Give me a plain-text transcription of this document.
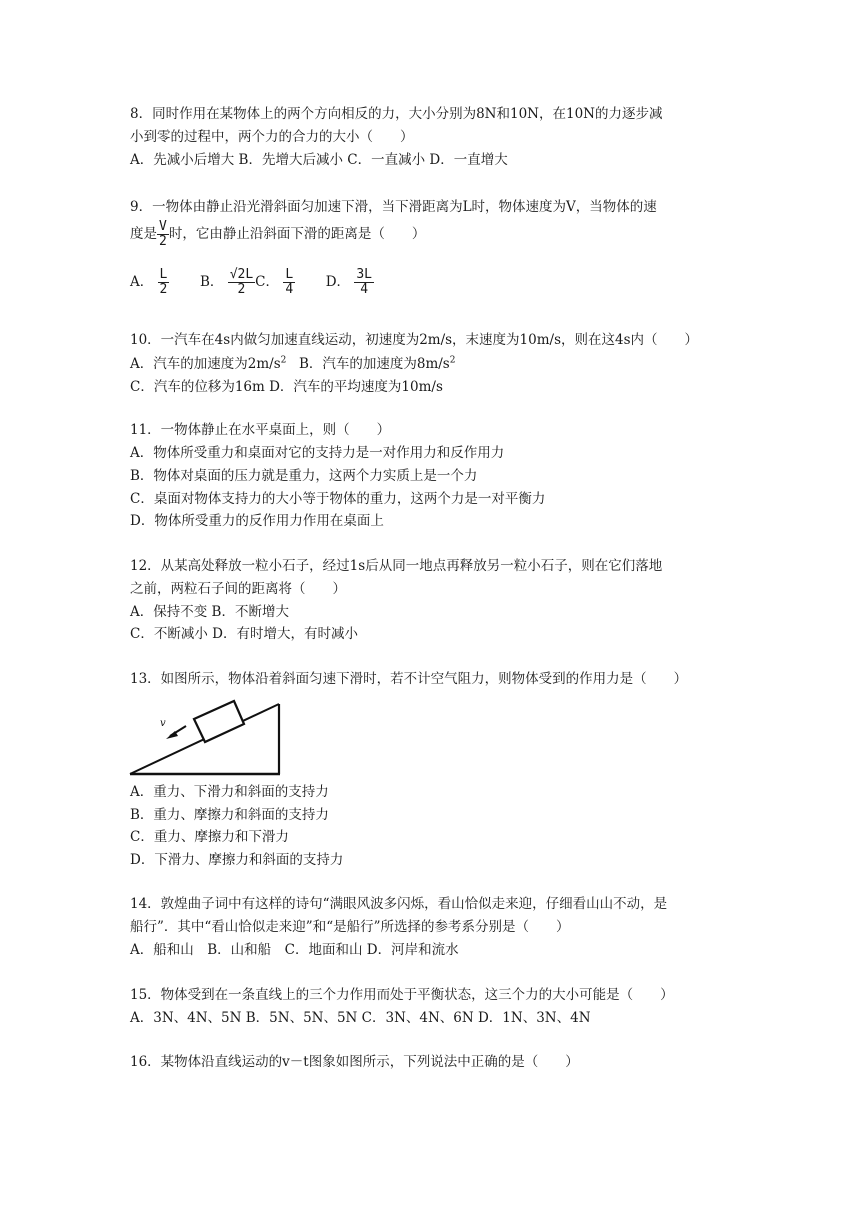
8．同时作用在某物体上的两个方向相反的力，大小分别为8N和10N，在10N的力逐步减
小到零的过程中，两个力的合力的大小（　　）
A．先减小后增大 B．先增大后减小 C．一直减小 D．一直增大
9．一物体由静止沿光滑斜面匀加速下滑，当下滑距离为L时，物体速度为V，当物体的速
度是 $\frac{V}{2}$ 时，它由静止沿斜面下滑的距离是（　　）
A． $\frac{L}{2}$ B． $\frac{√2L}{2}$ C． $\frac{L}{4}$ D． $\frac{3L}{4}$
10．一汽车在4s内做匀加速直线运动，初速度为2m/s，末速度为10m/s，则在这4s内（　　）
A．汽车的加速度为$2m/s^2$ B．汽车的加速度为$8m/s^2$
C．汽车的位移为16m D．汽车的平均速度为10m/s
11．一物体静止在水平桌面上，则（　　）
A．物体所受重力和桌面对它的支持力是一对作用力和反作用力
B．物体对桌面的压力就是重力，这两个力实质上是一个力
C．桌面对物体支持力的大小等于物体的重力，这两个力是一对平衡力
D．物体所受重力的反作用力作用在桌面上
12．从某高处释放一粒小石子，经过1s后从同一地点再释放另一粒小石子，则在它们落地
之前，两粒石子间的距离将（　　）
A．保持不变 B．不断增大
C．不断减小 D．有时增大，有时减小
13．如图所示，物体沿着斜面匀速下滑时，若不计空气阻力，则物体受到的作用力是（　　）
v
A．重力、下滑力和斜面的支持力
B．重力、摩擦力和斜面的支持力
C．重力、摩擦力和下滑力
D．下滑力、摩擦力和斜面的支持力
14．敦煌曲子词中有这样的诗句“满眼风波多闪烁，看山恰似走来迎，仔细看山山不动，是
船行”．其中“看山恰似走来迎”和“是船行”所选择的参考系分别是（　　）
A．船和山　B．山和船　C．地面和山 D．河岸和流水
15．物体受到在一条直线上的三个力作用而处于平衡状态，这三个力的大小可能是（　　）
A．3N、4N、5N B．5N、5N、5N C．3N、4N、6N D．1N、3N、4N
16．某物体沿直线运动的v－t图象如图所示，下列说法中正确的是（　　）
